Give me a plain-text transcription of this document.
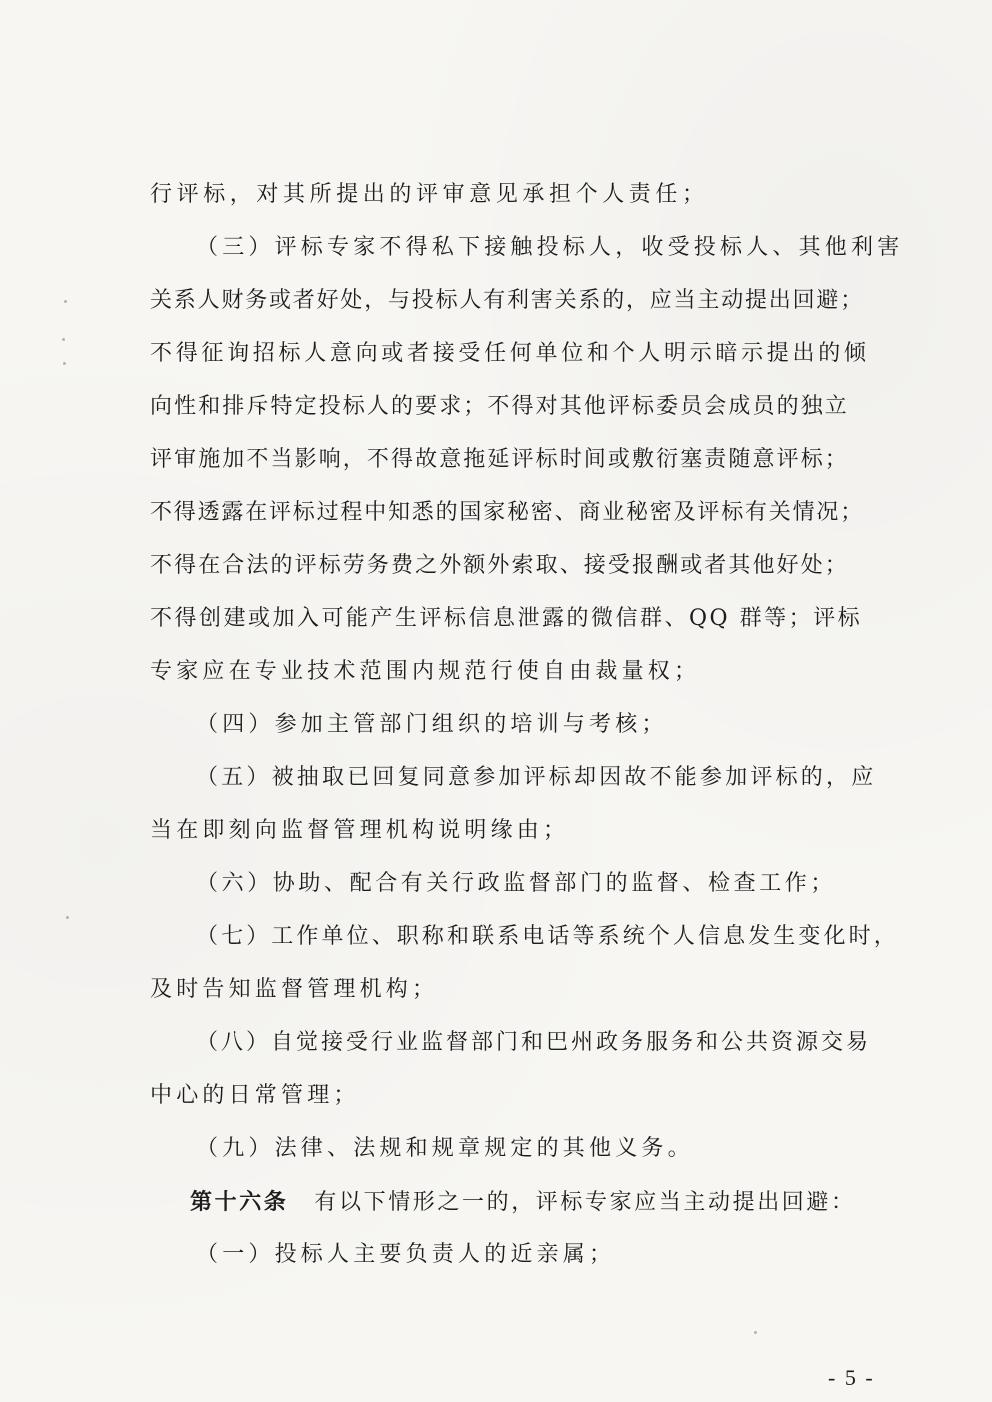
行评标，对其所提出的评审意见承担个人责任；
（三）评标专家不得私下接触投标人，收受投标人、其他利害
关系人财务或者好处，与投标人有利害关系的，应当主动提出回避；
不得征询招标人意向或者接受任何单位和个人明示暗示提出的倾
向性和排斥特定投标人的要求；不得对其他评标委员会成员的独立
评审施加不当影响，不得故意拖延评标时间或敷衍塞责随意评标；
不得透露在评标过程中知悉的国家秘密、商业秘密及评标有关情况；
不得在合法的评标劳务费之外额外索取、接受报酬或者其他好处；
不得创建或加入可能产生评标信息泄露的微信群、QQ 群等；评标
专家应在专业技术范围内规范行使自由裁量权；
（四）参加主管部门组织的培训与考核；
（五）被抽取已回复同意参加评标却因故不能参加评标的，应
当在即刻向监督管理机构说明缘由；
（六）协助、配合有关行政监督部门的监督、检查工作；
（七）工作单位、职称和联系电话等系统个人信息发生变化时，
及时告知监督管理机构；
（八）自觉接受行业监督部门和巴州政务服务和公共资源交易
中心的日常管理；
（九）法律、法规和规章规定的其他义务。
第十六条 有以下情形之一的，评标专家应当主动提出回避：
（一）投标人主要负责人的近亲属；
- 5 -
